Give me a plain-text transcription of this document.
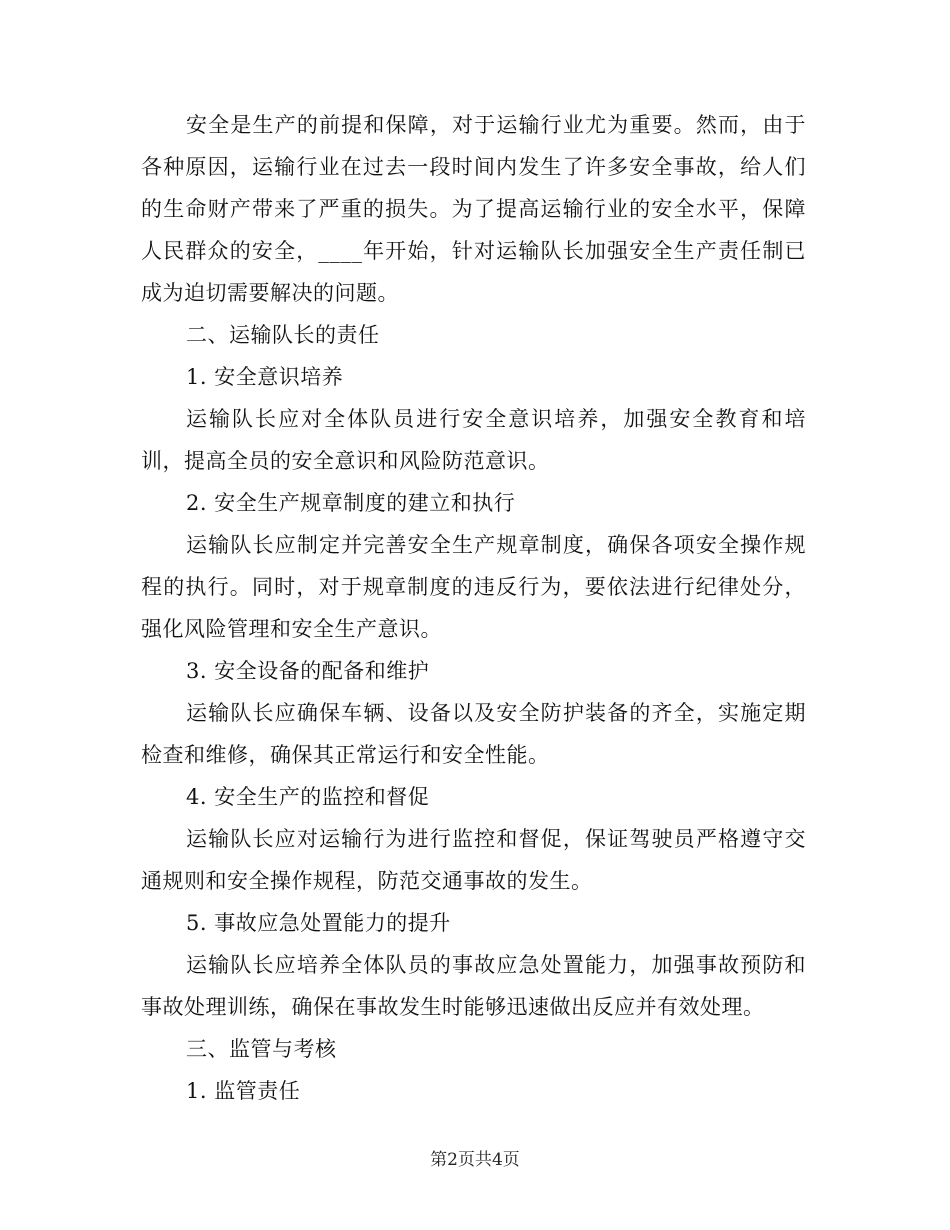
安全是生产的前提和保障，对于运输行业尤为重要。然而，由于各种原因，运输行业在过去一段时间内发生了许多安全事故，给人们的生命财产带来了严重的损失。为了提高运输行业的安全水平，保障人民群众的安全，____年开始，针对运输队长加强安全生产责任制已成为迫切需要解决的问题。

二、运输队长的责任

1. 安全意识培养

运输队长应对全体队员进行安全意识培养，加强安全教育和培训，提高全员的安全意识和风险防范意识。

2. 安全生产规章制度的建立和执行

运输队长应制定并完善安全生产规章制度，确保各项安全操作规程的执行。同时，对于规章制度的违反行为，要依法进行纪律处分，强化风险管理和安全生产意识。

3. 安全设备的配备和维护

运输队长应确保车辆、设备以及安全防护装备的齐全，实施定期检查和维修，确保其正常运行和安全性能。

4. 安全生产的监控和督促

运输队长应对运输行为进行监控和督促，保证驾驶员严格遵守交通规则和安全操作规程，防范交通事故的发生。

5. 事故应急处置能力的提升

运输队长应培养全体队员的事故应急处置能力，加强事故预防和事故处理训练，确保在事故发生时能够迅速做出反应并有效处理。

三、监管与考核

1. 监管责任

第2页共4页
